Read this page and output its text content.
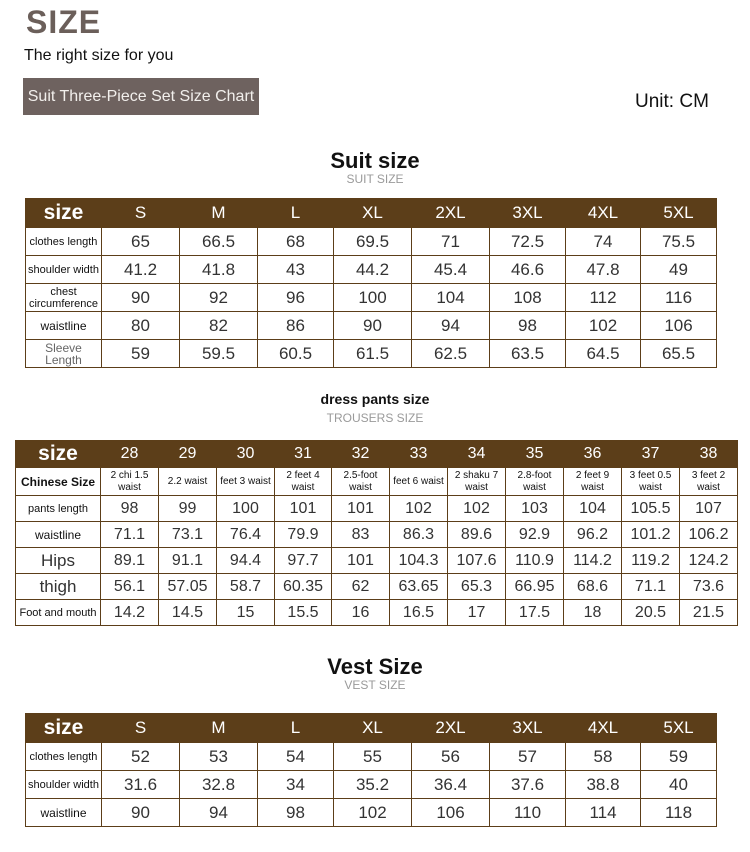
SIZE
The right size for you
Suit Three-Piece Set Size Chart	Unit: CM
Suit size
SUIT SIZE
size	S	M	L	XL	2XL	3XL	4XL	5XL
clothes length	65	66.5	68	69.5	71	72.5	74	75.5
shoulder width	41.2	41.8	43	44.2	45.4	46.6	47.8	49
chest circumference	90	92	96	100	104	108	112	116
waistline	80	82	86	90	94	98	102	106
Sleeve Length	59	59.5	60.5	61.5	62.5	63.5	64.5	65.5
dress pants size
TROUSERS SIZE
size	28	29	30	31	32	33	34	35	36	37	38
Chinese Size	2 chi 1.5 waist	2.2 waist	feet 3 waist	2 feet 4 waist	2.5-foot waist	feet 6 waist	2 shaku 7 waist	2.8-foot waist	2 feet 9 waist	3 feet 0.5 waist	3 feet 2 waist
pants length	98	99	100	101	101	102	102	103	104	105.5	107
waistline	71.1	73.1	76.4	79.9	83	86.3	89.6	92.9	96.2	101.2	106.2
Hips	89.1	91.1	94.4	97.7	101	104.3	107.6	110.9	114.2	119.2	124.2
thigh	56.1	57.05	58.7	60.35	62	63.65	65.3	66.95	68.6	71.1	73.6
Foot and mouth	14.2	14.5	15	15.5	16	16.5	17	17.5	18	20.5	21.5
Vest Size
VEST SIZE
size	S	M	L	XL	2XL	3XL	4XL	5XL
clothes length	52	53	54	55	56	57	58	59
shoulder width	31.6	32.8	34	35.2	36.4	37.6	38.8	40
waistline	90	94	98	102	106	110	114	118
